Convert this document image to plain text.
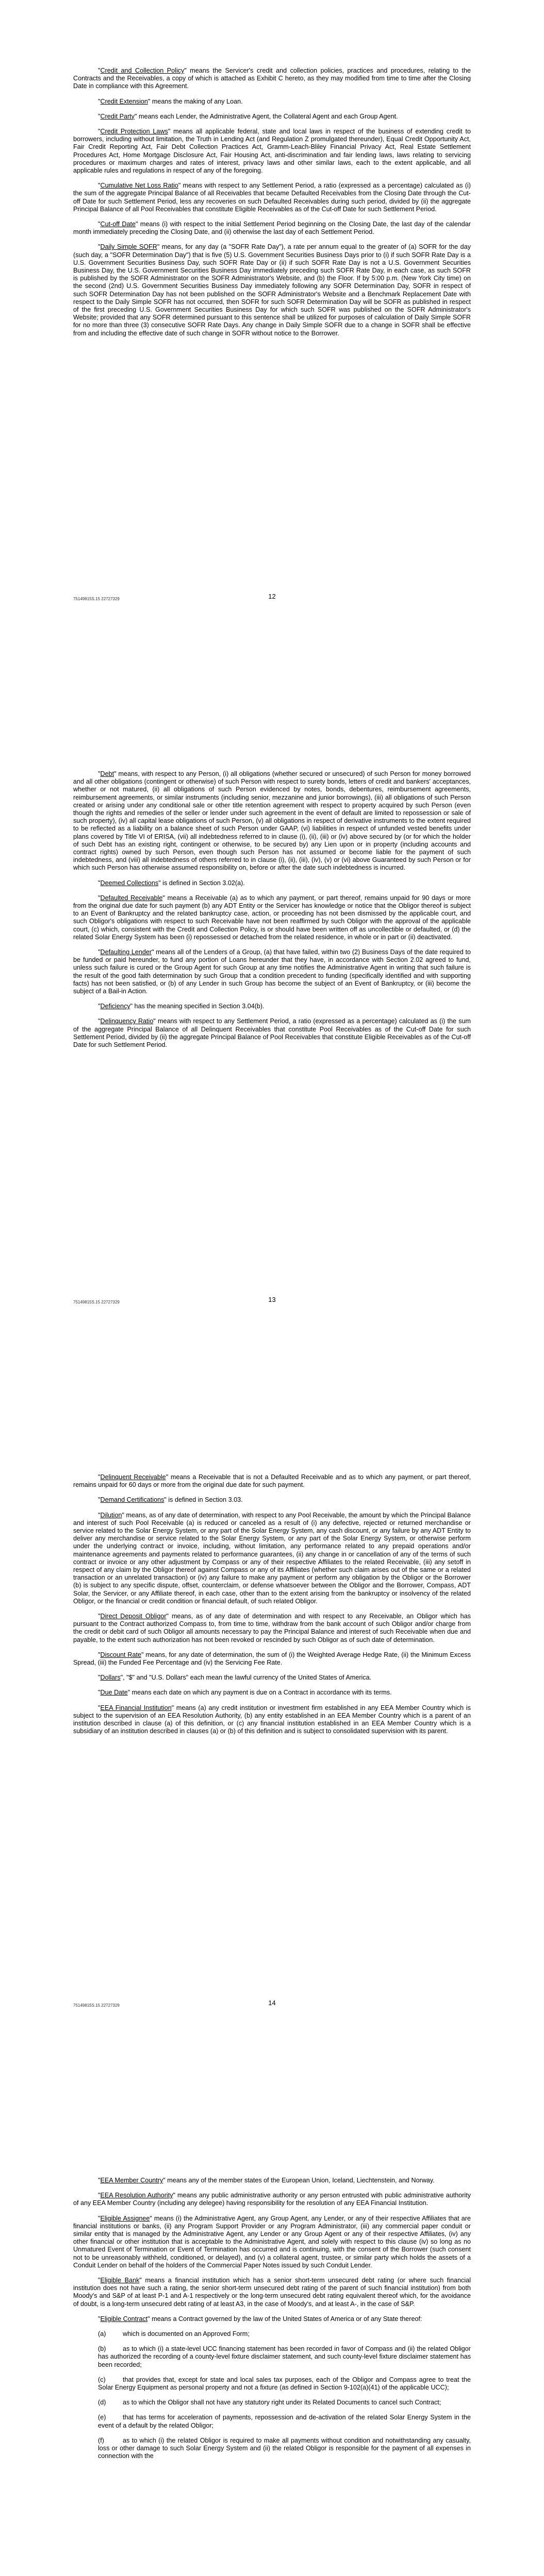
"Credit and Collection Policy" means the Servicer's credit and collection policies, practices and procedures, relating to the Contracts and the Receivables, a copy of which is attached as Exhibit C hereto, as they may modified from time to time after the Closing Date in compliance with this Agreement.

"Credit Extension" means the making of any Loan.

"Credit Party" means each Lender, the Administrative Agent, the Collateral Agent and each Group Agent.

"Credit Protection Laws" means all applicable federal, state and local laws in respect of the business of extending credit to borrowers, including without limitation, the Truth in Lending Act (and Regulation Z promulgated thereunder), Equal Credit Opportunity Act, Fair Credit Reporting Act, Fair Debt Collection Practices Act, Gramm-Leach-Bliley Financial Privacy Act, Real Estate Settlement Procedures Act, Home Mortgage Disclosure Act, Fair Housing Act, anti-discrimination and fair lending laws, laws relating to servicing procedures or maximum charges and rates of interest, privacy laws and other similar laws, each to the extent applicable, and all applicable rules and regulations in respect of any of the foregoing.

"Cumulative Net Loss Ratio" means with respect to any Settlement Period, a ratio (expressed as a percentage) calculated as (i) the sum of the aggregate Principal Balance of all Receivables that became Defaulted Receivables from the Closing Date through the Cut-off Date for such Settlement Period, less any recoveries on such Defaulted Receivables during such period, divided by (ii) the aggregate Principal Balance of all Pool Receivables that constitute Eligible Receivables as of the Cut-off Date for such Settlement Period.

"Cut-off Date" means (i) with respect to the initial Settlement Period beginning on the Closing Date, the last day of the calendar month immediately preceding the Closing Date, and (ii) otherwise the last day of each Settlement Period.

"Daily Simple SOFR" means, for any day (a "SOFR Rate Day"), a rate per annum equal to the greater of (a) SOFR for the day (such day, a "SOFR Determination Day") that is five (5) U.S. Government Securities Business Days prior to (i) if such SOFR Rate Day is a U.S. Government Securities Business Day, such SOFR Rate Day or (ii) if such SOFR Rate Day is not a U.S. Government Securities Business Day, the U.S. Government Securities Business Day immediately preceding such SOFR Rate Day, in each case, as such SOFR is published by the SOFR Administrator on the SOFR Administrator's Website, and (b) the Floor. If by 5:00 p.m. (New York City time) on the second (2nd) U.S. Government Securities Business Day immediately following any SOFR Determination Day, SOFR in respect of such SOFR Determination Day has not been published on the SOFR Administrator's Website and a Benchmark Replacement Date with respect to the Daily Simple SOFR has not occurred, then SOFR for such SOFR Determination Day will be SOFR as published in respect of the first preceding U.S. Government Securities Business Day for which such SOFR was published on the SOFR Administrator's Website; provided that any SOFR determined pursuant to this sentence shall be utilized for purposes of calculation of Daily Simple SOFR for no more than three (3) consecutive SOFR Rate Days. Any change in Daily Simple SOFR due to a change in SOFR shall be effective from and including the effective date of such change in SOFR without notice to the Borrower.

75149815S.15 22727329	12

"Debt" means, with respect to any Person, (i) all obligations (whether secured or unsecured) of such Person for money borrowed and all other obligations (contingent or otherwise) of such Person with respect to surety bonds, letters of credit and bankers' acceptances, whether or not matured, (ii) all obligations of such Person evidenced by notes, bonds, debentures, reimbursement agreements, reimbursement agreements, or similar instruments (including senior, mezzanine and junior borrowings), (iii) all obligations of such Person created or arising under any conditional sale or other title retention agreement with respect to property acquired by such Person (even though the rights and remedies of the seller or lender under such agreement in the event of default are limited to repossession or sale of such property), (iv) all capital lease obligations of such Person, (v) all obligations in respect of derivative instruments to the extent required to be reflected as a liability on a balance sheet of such Person under GAAP, (vi) liabilities in respect of unfunded vested benefits under plans covered by Title VI of ERISA, (vii) all indebtedness referred to in clause (i), (ii), (iii) or (iv) above secured by (or for which the holder of such Debt has an existing right, contingent or otherwise, to be secured by) any Lien upon or in property (including accounts and contract rights) owned by such Person, even though such Person has not assumed or become liable for the payment of such indebtedness, and (viii) all indebtedness of others referred to in clause (i), (ii), (iii), (iv), (v) or (vi) above Guaranteed by such Person or for which such Person has otherwise assumed responsibility on, before or after the date such indebtedness is incurred.

"Deemed Collections" is defined in Section 3.02(a).

"Defaulted Receivable" means a Receivable (a) as to which any payment, or part thereof, remains unpaid for 90 days or more from the original due date for such payment (b) any ADT Entity or the Servicer has knowledge or notice that the Obligor thereof is subject to an Event of Bankruptcy and the related bankruptcy case, action, or proceeding has not been dismissed by the applicable court, and such Obligor's obligations with respect to such Receivable have not been reaffirmed by such Obligor with the approval of the applicable court, (c) which, consistent with the Credit and Collection Policy, is or should have been written off as uncollectible or defaulted, or (d) the related Solar Energy System has been (i) repossessed or detached from the related residence, in whole or in part or (ii) deactivated.

"Defaulting Lender" means all of the Lenders of a Group, (a) that have failed, within two (2) Business Days of the date required to be funded or paid hereunder, to fund any portion of Loans hereunder that they have, in accordance with Section 2.02 agreed to fund, unless such failure is cured or the Group Agent for such Group at any time notifies the Administrative Agent in writing that such failure is the result of the good faith determination by such Group that a condition precedent to funding (specifically identified and with supporting facts) has not been satisfied, or (b) of any Lender in such Group has become the subject of an Event of Bankruptcy, or (iii) become the subject of a Bail-in Action.

"Deficiency" has the meaning specified in Section 3.04(b).

"Delinquency Ratio" means with respect to any Settlement Period, a ratio (expressed as a percentage) calculated as (i) the sum of the aggregate Principal Balance of all Delinquent Receivables that constitute Pool Receivables as of the Cut-off Date for such Settlement Period, divided by (ii) the aggregate Principal Balance of Pool Receivables that constitute Eligible Receivables as of the Cut-off Date for such Settlement Period.

75149815S.15 22727329	13

"Delinquent Receivable" means a Receivable that is not a Defaulted Receivable and as to which any payment, or part thereof, remains unpaid for 60 days or more from the original due date for such payment.

"Demand Certifications" is defined in Section 3.03.

"Dilution" means, as of any date of determination, with respect to any Pool Receivable, the amount by which the Principal Balance and interest of such Pool Receivable (a) is reduced or canceled as a result of (i) any defective, rejected or returned merchandise or service related to the Solar Energy System, or any part of the Solar Energy System, any cash discount, or any failure by any ADT Entity to deliver any merchandise or service related to the Solar Energy System, or any part of the Solar Energy System, or otherwise perform under the underlying contract or invoice, including, without limitation, any performance related to any prepaid operations and/or maintenance agreements and payments related to performance guarantees, (ii) any change in or cancellation of any of the terms of such contract or invoice or any other adjustment by Compass or any of their respective Affiliates to the related Receivable, (iii) any setoff in respect of any claim by the Obligor thereof against Compass or any of its Affiliates (whether such claim arises out of the same or a related transaction or an unrelated transaction) or (iv) any failure to make any payment or perform any obligation by the Obligor or the Borrower (b) is subject to any specific dispute, offset, counterclaim, or defense whatsoever between the Obligor and the Borrower, Compass, ADT Solar, the Servicer, or any Affiliate thereof, in each case, other than to the extent arising from the bankruptcy or insolvency of the related Obligor, or the financial or credit condition or financial default, of such related Obligor.

"Direct Deposit Obligor" means, as of any date of determination and with respect to any Receivable, an Obligor which has pursuant to the Contract authorized Compass to, from time to time, withdraw from the bank account of such Obligor and/or charge from the credit or debit card of such Obligor all amounts necessary to pay the Principal Balance and interest of such Receivable when due and payable, to the extent such authorization has not been revoked or rescinded by such Obligor as of such date of determination.

"Discount Rate" means, for any date of determination, the sum of (i) the Weighted Average Hedge Rate, (ii) the Minimum Excess Spread, (iii) the Funded Fee Percentage and (iv) the Servicing Fee Rate.

"Dollars", "$" and "U.S. Dollars" each mean the lawful currency of the United States of America.

"Due Date" means each date on which any payment is due on a Contract in accordance with its terms.

"EEA Financial Institution" means (a) any credit institution or investment firm established in any EEA Member Country which is subject to the supervision of an EEA Resolution Authority, (b) any entity established in an EEA Member Country which is a parent of an institution described in clause (a) of this definition, or (c) any financial institution established in an EEA Member Country which is a subsidiary of an institution described in clauses (a) or (b) of this definition and is subject to consolidated supervision with its parent.

75149815S.15 22727329	14

"EEA Member Country" means any of the member states of the European Union, Iceland, Liechtenstein, and Norway.

"EEA Resolution Authority" means any public administrative authority or any person entrusted with public administrative authority of any EEA Member Country (including any delegee) having responsibility for the resolution of any EEA Financial Institution.

"Eligible Assignee" means (i) the Administrative Agent, any Group Agent, any Lender, or any of their respective Affiliates that are financial institutions or banks, (ii) any Program Support Provider or any Program Administrator, (iii) any commercial paper conduit or similar entity that is managed by the Administrative Agent, any Lender or any Group Agent or any of their respective Affiliates, (iv) any other financial or other institution that is acceptable to the Administrative Agent, and solely with respect to this clause (iv) so long as no Unmatured Event of Termination or Event of Termination has occurred and is continuing, with the consent of the Borrower (such consent not to be unreasonably withheld, conditioned, or delayed), and (v) a collateral agent, trustee, or similar party which holds the assets of a Conduit Lender on behalf of the holders of the Commercial Paper Notes issued by such Conduit Lender.

"Eligible Bank" means a financial institution which has a senior short-term unsecured debt rating (or where such financial institution does not have such a rating, the senior short-term unsecured debt rating of the parent of such financial institution) from both Moody's and S&P of at least P-1 and A-1 respectively or the long-term unsecured debt rating equivalent thereof which, for the avoidance of doubt, is a long-term unsecured debt rating of at least A3, in the case of Moody's, and at least A-, in the case of S&P.

"Eligible Contract" means a Contract governed by the law of the United States of America or of any State thereof:

(a)	which is documented on an Approved Form;

(b)	as to which (i) a state-level UCC financing statement has been recorded in favor of Compass and (ii) the related Obligor has authorized the recording of a county-level fixture disclaimer statement, and such county-level fixture disclaimer statement has been recorded;

(c)	that provides that, except for state and local sales tax purposes, each of the Obligor and Compass agree to treat the Solar Energy Equipment as personal property and not a fixture (as defined in Section 9-102(a)(41) of the applicable UCC);

(d)	as to which the Obligor shall not have any statutory right under its Related Documents to cancel such Contract;

(e)	that has terms for acceleration of payments, repossession and de-activation of the related Solar Energy System in the event of a default by the related Obligor;

(f)	as to which (i) the related Obligor is required to make all payments without condition and notwithstanding any casualty, loss or other damage to such Solar Energy System and (ii) the related Obligor is responsible for the payment of all expenses in connection with the
